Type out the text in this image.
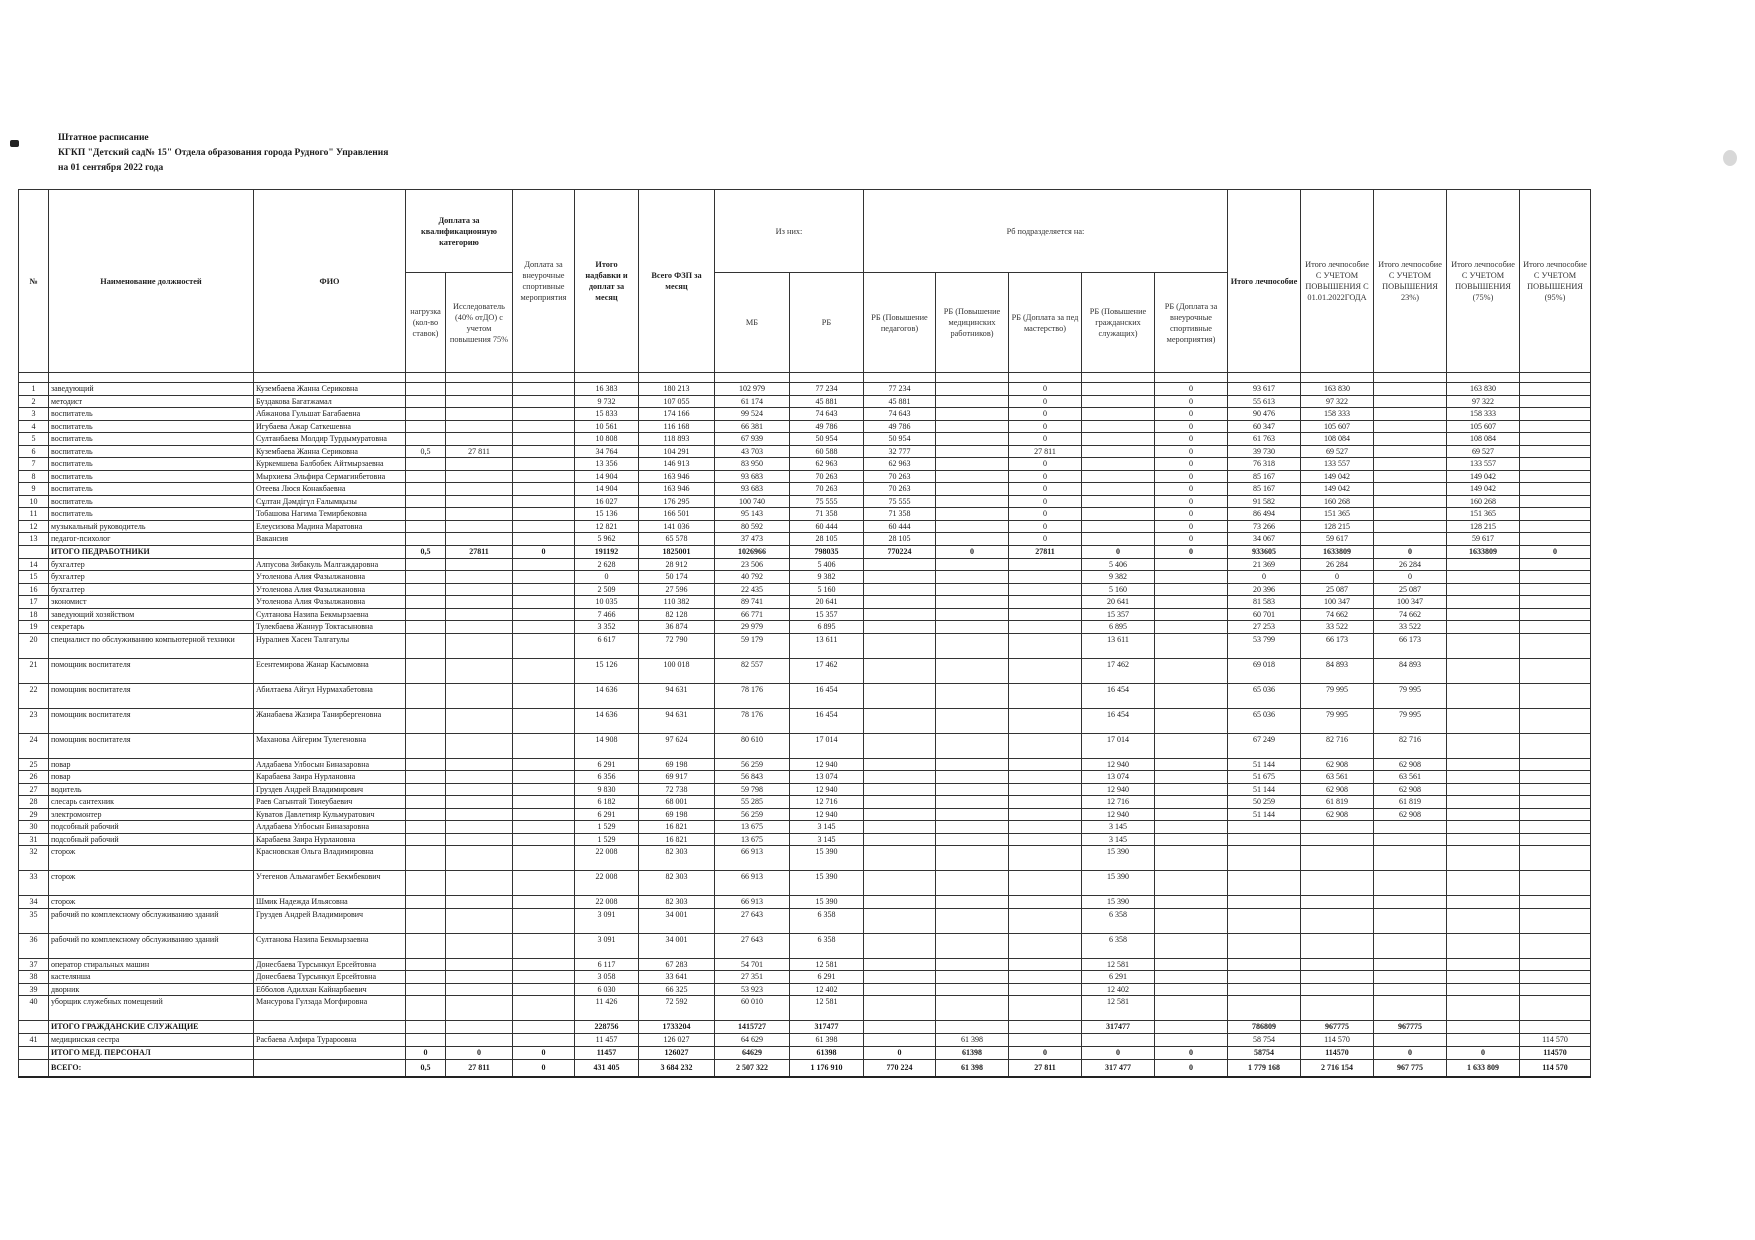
Штатное расписание
КГКП "Детский сад№ 15" Отдела образования города Рудного" Управления
на 01 сентября 2022 года
№	Наименование должностей	ФИО	Доплата за квалификационную категорию		Доплата за внеурочные спортивные мероприятия	Итого надбавки и доплат за месяц	Всего ФЗП за месяц	Из них:		Рб подразделяется на:					Итого лечпособие	Итого лечпособие С УЧЕТОМ ПОВЫШЕНИЯ С 01.01.2022ГОДА	Итого лечпособие С УЧЕТОМ ПОВЫШЕНИЯ 23%)	Итого лечпособие С УЧЕТОМ ПОВЫШЕНИЯ (75%)	Итого лечпособие С УЧЕТОМ ПОВЫШЕНИЯ (95%)
			нагрузка (кол-во ставок)	Исследователь (40% отДО) с учетом повышения 75%				МБ	РБ	РБ (Повышение педагогов)	РБ (Повышение медицинских работников)	РБ (Доплата за пед мастерство)	РБ (Повышение гражданских служащих)	РБ (Доплата за внеурочные спортивные мероприятия)					

1	заведующий	Кузембаева Жанна Сериковна				16 383	180 213	102 979	77 234	77 234		0		0	93 617	163 830		163 830	
2	методист	Буздакова Багатжамал				9 732	107 055	61 174	45 881	45 881		0		0	55 613	97 322		97 322	
3	воспитатель	Абжанова Гульшат Багабаевна				15 833	174 166	99 524	74 643	74 643		0		0	90 476	158 333		158 333	
4	воспитатель	Игубаева Ажар Саткешевна				10 561	116 168	66 381	49 786	49 786		0		0	60 347	105 607		105 607	
5	воспитатель	Султанбаева Молдир Турдымуратовна				10 808	118 893	67 939	50 954	50 954		0		0	61 763	108 084		108 084	
6	воспитатель	Кузембаева Жанна Сериковна	0,5	27 811		34 764	104 291	43 703	60 588	32 777		27 811		0	39 730	69 527		69 527	
7	воспитатель	Куркемшева Балбобек Айтмырзаевна				13 356	146 913	83 950	62 963	62 963		0		0	76 318	133 557		133 557	
8	воспитатель	Мырхиева Эльфира Сермагинбетовна				14 904	163 946	93 683	70 263	70 263		0		0	85 167	149 042		149 042	
9	воспитатель	Отеева Люся Конакбаевна				14 904	163 946	93 683	70 263	70 263		0		0	85 167	149 042		149 042	
10	воспитатель	Сұлтан Дәмдігүл Ғалымқызы				16 027	176 295	100 740	75 555	75 555		0		0	91 582	160 268		160 268	
11	воспитатель	Тобашова Нагима Темирбековна				15 136	166 501	95 143	71 358	71 358		0		0	86 494	151 365		151 365	
12	музыкальный руководитель	Елеусизова Мадина Маратовна				12 821	141 036	80 592	60 444	60 444		0		0	73 266	128 215		128 215	
13	педагог-психолог	Вакансия				5 962	65 578	37 473	28 105	28 105		0		0	34 067	59 617		59 617	
	ИТОГО ПЕДРАБОТНИКИ		0,5	27811	0	191192	1825001	1026966	798035	770224	0	27811	0	0	933605	1633809	0	1633809	0
14	бухгалтер	Алпусова Зибакуль Малгаждаровна				2 628	28 912	23 506	5 406				5 406		21 369	26 284	26 284		
15	бухгалтер	Утоленова Алия Фазылжановна				0	50 174	40 792	9 382				9 382		0	0	0		
16	бухгалтер	Утоленова Алия Фазылжановна				2 509	27 596	22 435	5 160				5 160		20 396	25 087	25 087		
17	экономист	Утоленова Алия Фазылжановна				10 035	110 382	89 741	20 641				20 641		81 583	100 347	100 347		
18	заведующий хозяйством	Султанова Назипа Бекмырзаевна				7 466	82 128	66 771	15 357				15 357		60 701	74 662	74 662		
19	секретарь	Тулекбаева Жаннур Токтасыновна				3 352	36 874	29 979	6 895				6 895		27 253	33 522	33 522		
20	специалист по обслуживанию компьютерной техники	Нуралиев Хасен Талгатулы				6 617	72 790	59 179	13 611				13 611		53 799	66 173	66 173		
21	помощник воспитателя	Есентемирова Жанар Касымовна				15 126	100 018	82 557	17 462				17 462		69 018	84 893	84 893		
22	помощник воспитателя	Абилтаева Айгул Нурмахабетовна				14 636	94 631	78 176	16 454				16 454		65 036	79 995	79 995		
23	помощник воспитателя	Жанабаева Жазира Танирбергеновна				14 636	94 631	78 176	16 454				16 454		65 036	79 995	79 995		
24	помощник воспитателя	Маханова Айгерим Тулегеновна				14 908	97 624	80 610	17 014				17 014		67 249	82 716	82 716		
25	повар	Алдабаева Улбосын Биназаровна				6 291	69 198	56 259	12 940				12 940		51 144	62 908	62 908		
26	повар	Карабаева Заира Нурлановна				6 356	69 917	56 843	13 074				13 074		51 675	63 561	63 561		
27	водитель	Груздев Андрей Владимирович				9 830	72 738	59 798	12 940				12 940		51 144	62 908	62 908		
28	слесарь сантехник	Раев Сагынтай Тинеубаевич				6 182	68 001	55 285	12 716				12 716		50 259	61 819	61 819		
29	электромонтер	Куватов Давлетияр Кульмуратович				6 291	69 198	56 259	12 940				12 940		51 144	62 908	62 908		
30	подсобный рабочий	Алдабаева Улбосын Биназаровна				1 529	16 821	13 675	3 145				3 145						
31	подсобный рабочий	Карабаева Заира Нурлановна				1 529	16 821	13 675	3 145				3 145						
32	сторож	Красновская Ольга Владимировна				22 008	82 303	66 913	15 390				15 390						
33	сторож	Утегенов Альмагамбет Бекмбекович				22 008	82 303	66 913	15 390				15 390						
34	сторож	Шмик Надежда Ильясовна				22 008	82 303	66 913	15 390				15 390						
35	рабочий по комплексному обслуживанию зданий	Груздев Андрей Владимирович				3 091	34 001	27 643	6 358				6 358						
36	рабочий по комплексному обслуживанию зданий	Султанова Назипа Бекмырзаевна				3 091	34 001	27 643	6 358				6 358						
37	оператор стиральных машин	Донесбаева Турсынкул Ерсейтовна				6 117	67 283	54 701	12 581				12 581						
38	кастелянша	Донесбаева Турсынкул Ерсейтовна				3 058	33 641	27 351	6 291				6 291						
39	дворник	Ебболов Адилхан Кайнарбаевич				6 030	66 325	53 923	12 402				12 402						
40	уборщик служебных помещений	Мансурова Гулзада Могфировна				11 426	72 592	60 010	12 581				12 581						
	ИТОГО ГРАЖДАНСКИЕ СЛУЖАЩИЕ					228756	1733204	1415727	317477				317477		786809	967775	967775		
41	медицинская сестра	Расбаева Алфира Турароовна				11 457	126 027	64 629	61 398		61 398				58 754	114 570			114 570
	ИТОГО МЕД. ПЕРСОНАЛ		0	0	0	11457	126027	64629	61398	0	61398	0	0	0	58754	114570	0	0	114570
	ВСЕГО:		0,5	27 811	0	431 405	3 684 232	2 507 322	1 176 910	770 224	61 398	27 811	317 477	0	1 779 168	2 716 154	967 775	1 633 809	114 570
